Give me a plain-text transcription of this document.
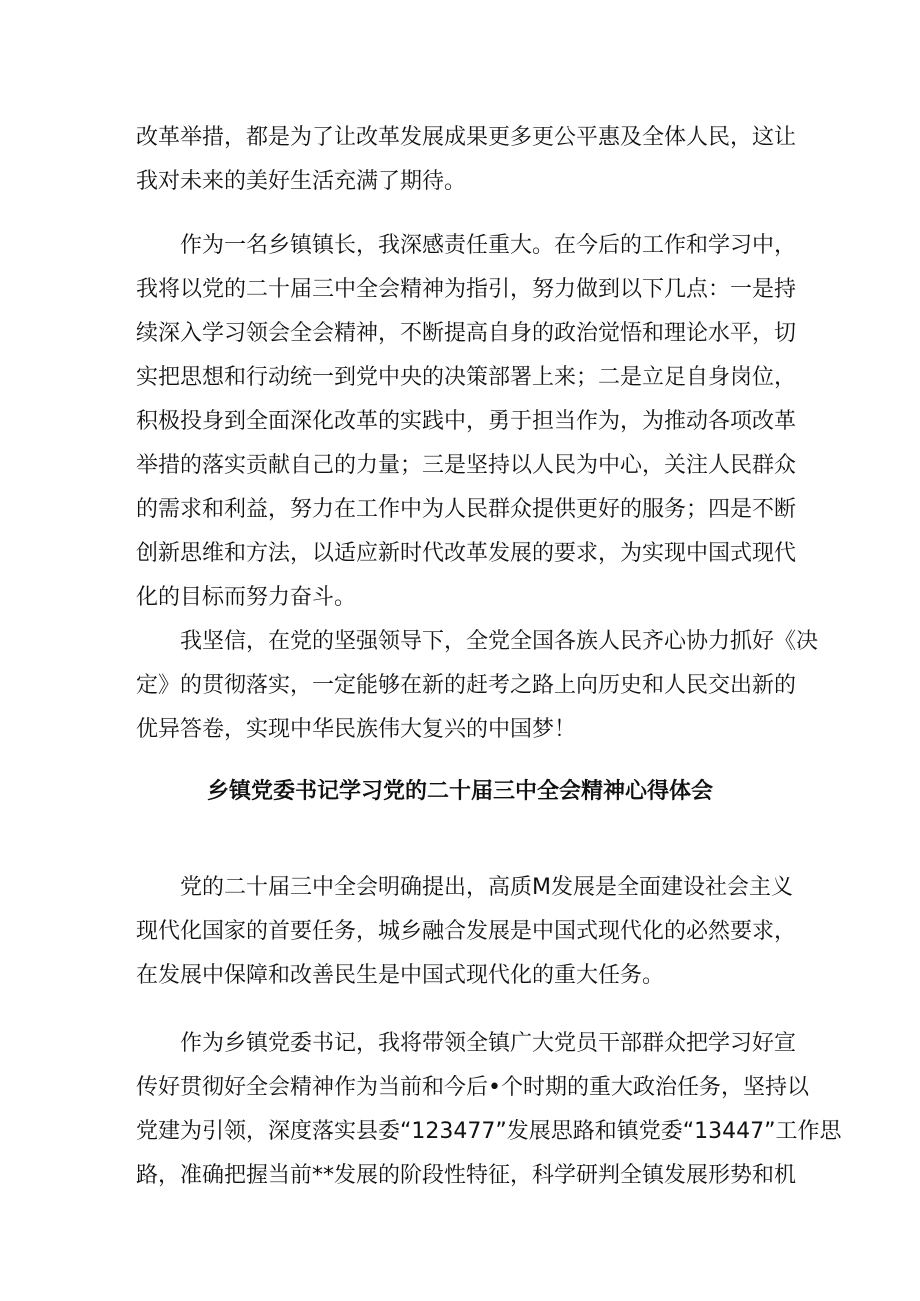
改革举措，都是为了让改革发展成果更多更公平惠及全体人民，这让
我对未来的美好生活充满了期待。
作为一名乡镇镇长，我深感责任重大。在今后的工作和学习中，
我将以党的二十届三中全会精神为指引，努力做到以下几点：一是持
续深入学习领会全会精神，不断提高自身的政治觉悟和理论水平，切
实把思想和行动统一到党中央的决策部署上来；二是立足自身岗位，
积极投身到全面深化改革的实践中，勇于担当作为，为推动各项改革
举措的落实贡献自己的力量；三是坚持以人民为中心，关注人民群众
的需求和利益，努力在工作中为人民群众提供更好的服务；四是不断
创新思维和方法，以适应新时代改革发展的要求，为实现中国式现代
化的目标而努力奋斗。
我坚信，在党的坚强领导下，全党全国各族人民齐心协力抓好《决
定》的贯彻落实，一定能够在新的赶考之路上向历史和人民交出新的
优异答卷，实现中华民族伟大复兴的中国梦！
乡镇党委书记学习党的二十届三中全会精神心得体会
党的二十届三中全会明确提出，高质M发展是全面建设社会主义
现代化国家的首要任务，城乡融合发展是中国式现代化的必然要求，
在发展中保障和改善民生是中国式现代化的重大任务。
作为乡镇党委书记，我将带领全镇广大党员干部群众把学习好宣
传好贯彻好全会精神作为当前和今后•个时期的重大政治任务，坚持以
党建为引领，深度落实县委“123477”发展思路和镇党委“13447”工作思
路，准确把握当前**发展的阶段性特征，科学研判全镇发展形势和机
